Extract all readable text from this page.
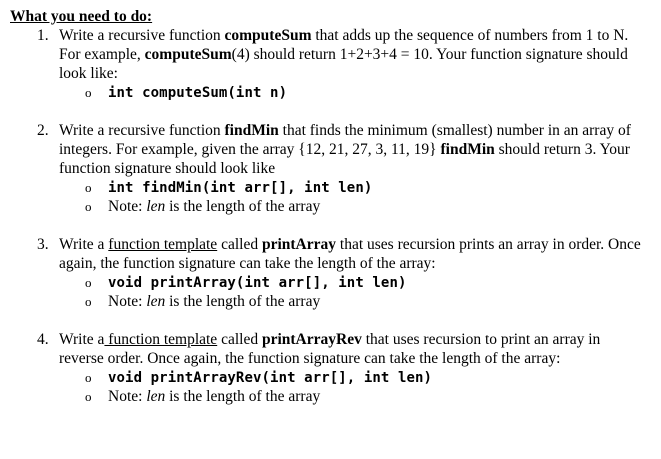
What you need to do:

1. Write a recursive function computeSum that adds up the sequence of numbers from 1 to N. For example, computeSum(4) should return 1+2+3+4 = 10. Your function signature should look like:

o int computeSum(int n)
2. Write a recursive function findMin that finds the minimum (smallest) number in an array of integers. For example, given the array {12, 21, 27, 3, 11, 19} findMin should return 3. Your function signature should look like

o int findMin(int arr[], int len)
o Note: len is the length of the array
3. Write a function template called printArray that uses recursion prints an array in order. Once again, the function signature can take the length of the array:

o void printArray(int arr[], int len)
o Note: len is the length of the array
4. Write a function template called printArrayRev that uses recursion to print an array in reverse order. Once again, the function signature can take the length of the array:

o void printArrayRev(int arr[], int len)
o Note: len is the length of the array
